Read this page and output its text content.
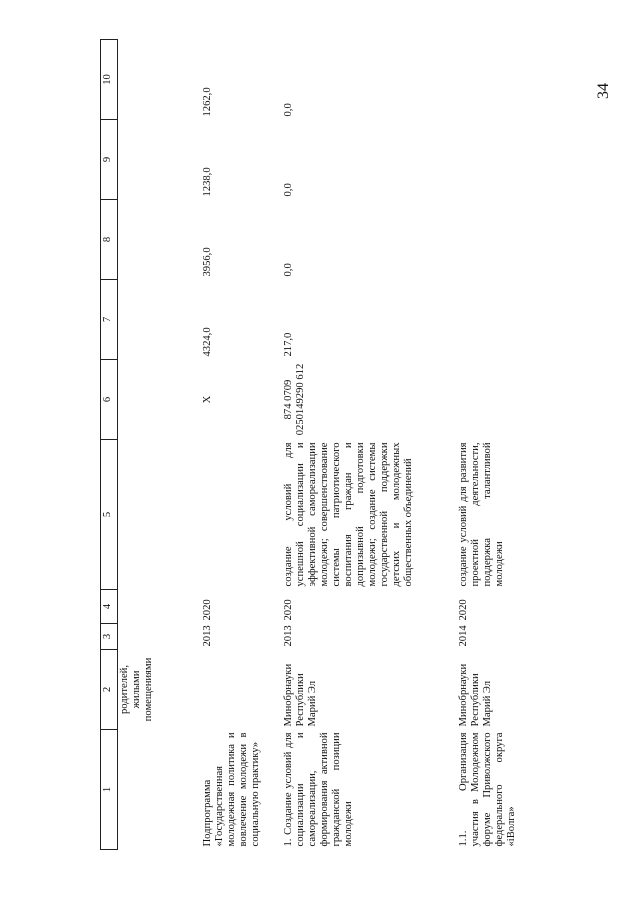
34
1	2	3	4	5	6	7	8	9	10
	родителей, жилыми помещениями								
Подпрограмма «Государственная молодежная политика и вовлечение молодежи в социальную практику»		2013	2020		X	4324,0	3956,0	1238,0	1262,0
1. Создание условий для социализации и самореализации, формирования активной гражданской позиции молодежи	Минобрнауки Республики Марий Эл	2013	2020	создание условий для успешной социализации и эффективной самореализации молодежи; совершенствование системы патриотического воспитания граждан и допризывной подготовки молодежи; создание системы государственной поддержки детских и молодежных общественных объединений	874 0709 0250149290 612	217,0	0,0	0,0	0,0
1.1. Организация участия в Молодежном форуме Приволжского федерального округа «iВолга»	Минобрнауки Республики Марий Эл	2014	2020	создание условий для развития проектной деятельности, поддержка талантливой молодежи					
